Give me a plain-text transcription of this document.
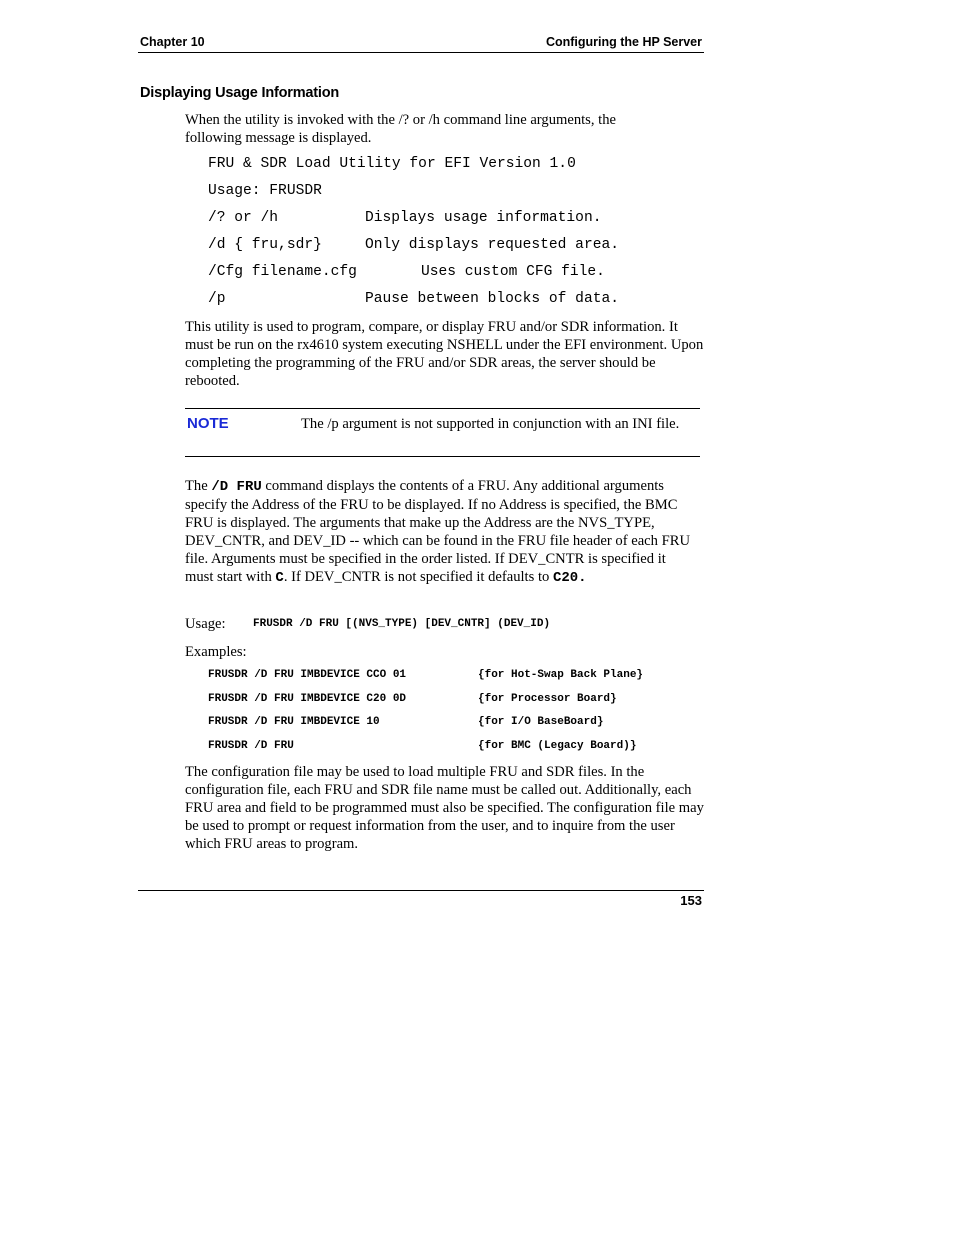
Chapter 10	Configuring the HP Server
Displaying Usage Information
When the utility is invoked with the /? or /h command line arguments, the following message is displayed.
FRU & SDR Load Utility for EFI Version 1.0
Usage: FRUSDR
/? or /h	Displays usage information.
/d { fru,sdr}	Only displays requested area.
/Cfg filename.cfg	Uses custom CFG file.
/p	Pause between blocks of data.
This utility is used to program, compare, or display FRU and/or SDR information. It must be run on the rx4610 system executing NSHELL under the EFI environment. Upon completing the programming of the FRU and/or SDR areas, the server should be rebooted.
NOTE	The /p argument is not supported in conjunction with an INI file.
The /D FRU command displays the contents of a FRU. Any additional arguments specify the Address of the FRU to be displayed. If no Address is specified, the BMC FRU is displayed. The arguments that make up the Address are the NVS_TYPE, DEV_CNTR, and DEV_ID -- which can be found in the FRU file header of each FRU file. Arguments must be specified in the order listed. If DEV_CNTR is specified it must start with C. If DEV_CNTR is not specified it defaults to C20.
Usage:	FRUSDR /D FRU [(NVS_TYPE) [DEV_CNTR] (DEV_ID)
Examples:
FRUSDR /D FRU IMBDEVICE CCO 01	{for Hot-Swap Back Plane}
FRUSDR /D FRU IMBDEVICE C20 0D	{for Processor Board}
FRUSDR /D FRU IMBDEVICE 10	{for I/O BaseBoard}
FRUSDR /D FRU	{for BMC (Legacy Board)}
The configuration file may be used to load multiple FRU and SDR files. In the configuration file, each FRU and SDR file name must be called out. Additionally, each FRU area and field to be programmed must also be specified. The configuration file may be used to prompt or request information from the user, and to inquire from the user which FRU areas to program.
153
